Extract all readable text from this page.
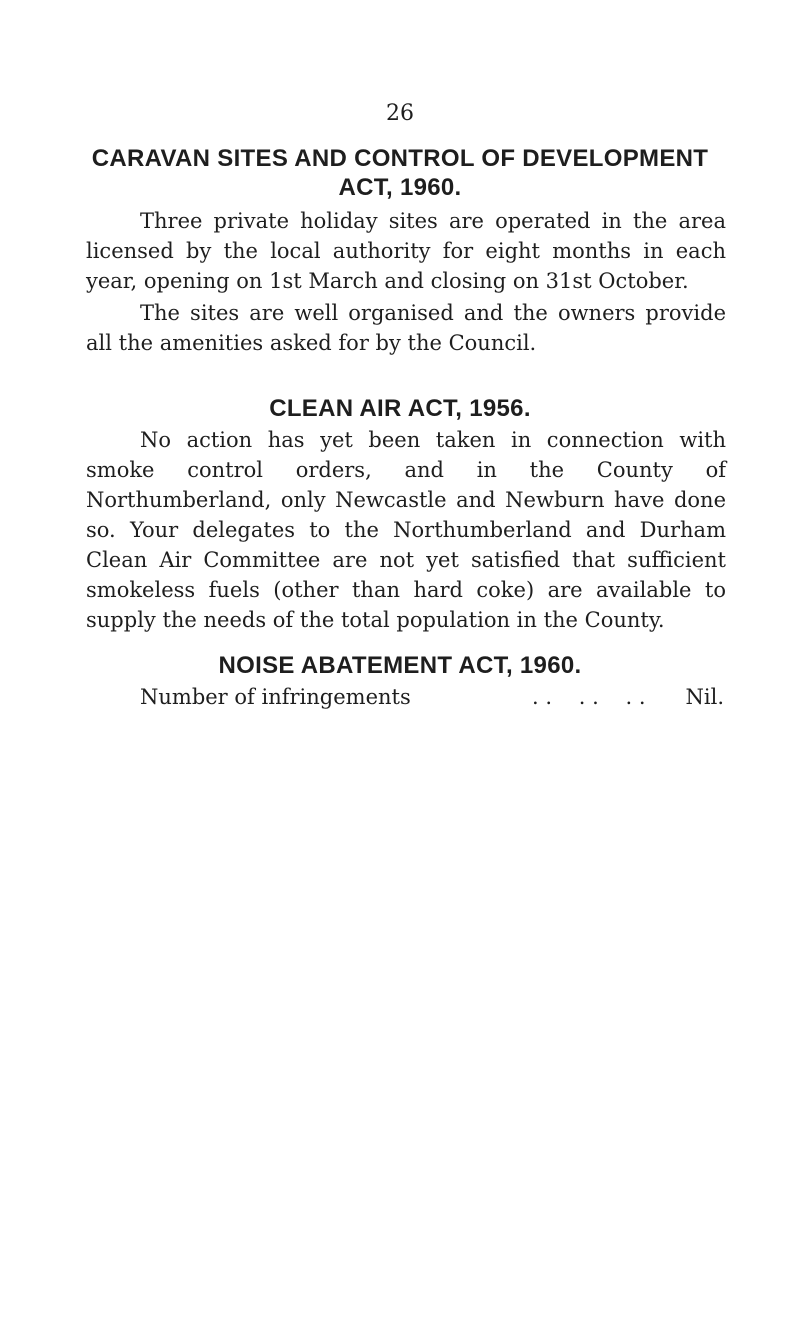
26
CARAVAN SITES AND CONTROL OF DEVELOPMENT
ACT, 1960.
Three private holiday sites are operated in the area licensed by the local authority for eight months in each year, opening on 1st March and closing on 31st October.
The sites are well organised and the owners provide all the amenities asked for by the Council.
CLEAN AIR ACT, 1956.
No action has yet been taken in connection with smoke control orders, and in the County of Northumberland, only Newcastle and Newburn have done so. Your delegates to the Northumberland and Durham Clean Air Committee are not yet satisfied that sufficient smokeless fuels (other than hard coke) are available to supply the needs of the total population in the County.
NOISE ABATEMENT ACT, 1960.
Number of infringements	. .    . .    . . Nil.
